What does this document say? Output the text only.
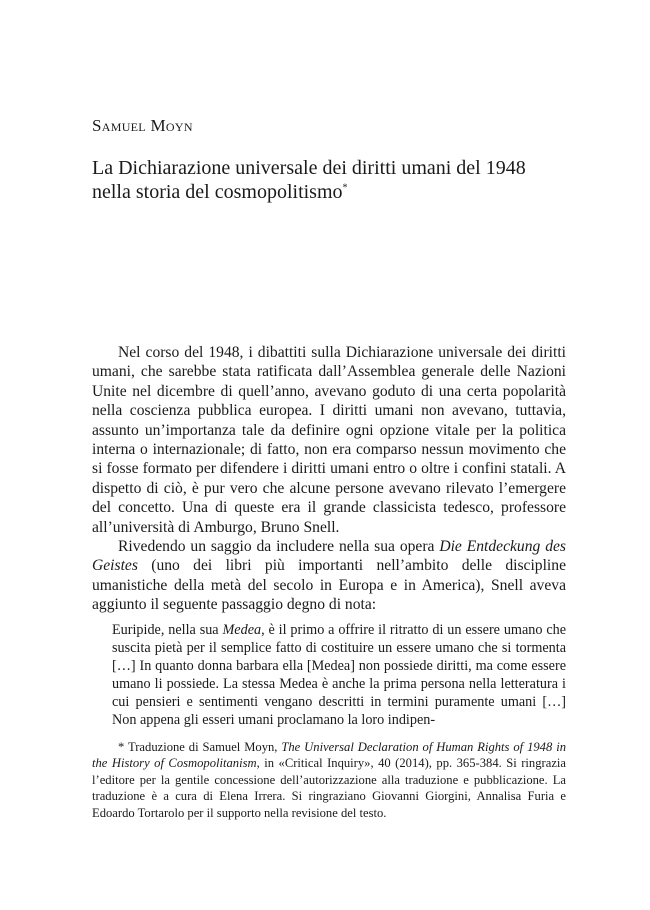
Samuel Moyn
La Dichiarazione universale dei diritti umani del 1948
nella storia del cosmopolitismo*

Nel corso del 1948, i dibattiti sulla Dichiarazione universale dei diritti umani, che sarebbe stata ratificata dall’Assemblea generale delle Nazioni Unite nel dicembre di quell’anno, avevano goduto di una certa popolarità nella coscienza pubblica europea. I diritti umani non avevano, tuttavia, assunto un’importanza tale da definire ogni opzione vitale per la politica interna o internazionale; di fatto, non era comparso nessun movimento che si fosse formato per difendere i diritti umani entro o oltre i confini statali. A dispetto di ciò, è pur vero che alcune persone avevano rilevato l’emergere del concetto. Una di queste era il grande classicista tedesco, professore all’università di Amburgo, Bruno Snell.

Rivedendo un saggio da includere nella sua opera Die Entdeckung des Geistes (uno dei libri più importanti nell’ambito delle discipline umanistiche della metà del secolo in Europa e in America), Snell aveva aggiunto il seguente passaggio degno di nota:

Euripide, nella sua Medea, è il primo a offrire il ritratto di un essere umano che suscita pietà per il semplice fatto di costituire un essere umano che si tormenta […] In quanto donna barbara ella [Medea] non possiede diritti, ma come essere umano li possiede. La stessa Medea è anche la prima persona nella letteratura i cui pensieri e sentimenti vengano descritti in termini puramente umani […] Non appena gli esseri umani proclamano la loro indipen-

* Traduzione di Samuel Moyn, The Universal Declaration of Human Rights of 1948 in the History of Cosmopolitanism, in «Critical Inquiry», 40 (2014), pp. 365-384. Si ringrazia l’editore per la gentile concessione dell’autorizzazione alla traduzione e pubblicazione. La traduzione è a cura di Elena Irrera. Si ringraziano Giovanni Giorgini, Annalisa Furia e Edoardo Tortarolo per il supporto nella revisione del testo.
